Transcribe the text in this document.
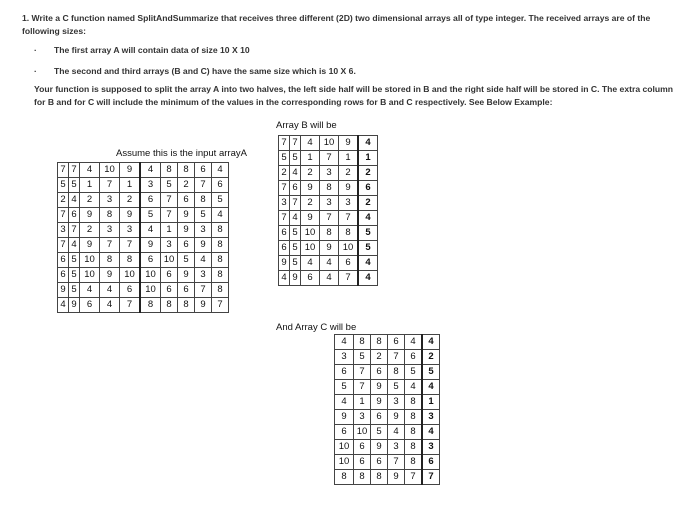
1. Write a C function named SplitAndSummarize that receives three different (2D) two dimensional arrays all of type integer. The received arrays are of the following sizes:
· The first array A will contain data of size 10 X 10
· The second and third arrays (B and C) have the same size which is 10 X 6.
Your function is supposed to split the array A into two halves, the left side half will be stored in B and the right side half will be stored in C. The extra column for B and for C will include the minimum of the values in the corresponding rows for B and C respectively. See Below Example:
Assume this is the input arrayA
7	7	4	10	9	4	8	8	6	4
5	5	1	7	1	3	5	2	7	6
2	4	2	3	2	6	7	6	8	5
7	6	9	8	9	5	7	9	5	4
3	7	2	3	3	4	1	9	3	8
7	4	9	7	7	9	3	6	9	8
6	5	10	8	8	6	10	5	4	8
6	5	10	9	10	10	6	9	3	8
9	5	4	4	6	10	6	6	7	8
4	9	6	4	7	8	8	8	9	7
Array B will be
7	7	4	10	9	4
5	5	1	7	1	1
2	4	2	3	2	2
7	6	9	8	9	6
3	7	2	3	3	2
7	4	9	7	7	4
6	5	10	8	8	5
6	5	10	9	10	5
9	5	4	4	6	4
4	9	6	4	7	4
And Array C will be
4	8	8	6	4	4
3	5	2	7	6	2
6	7	6	8	5	5
5	7	9	5	4	4
4	1	9	3	8	1
9	3	6	9	8	3
6	10	5	4	8	4
10	6	9	3	8	3
10	6	6	7	8	6
8	8	8	9	7	7
